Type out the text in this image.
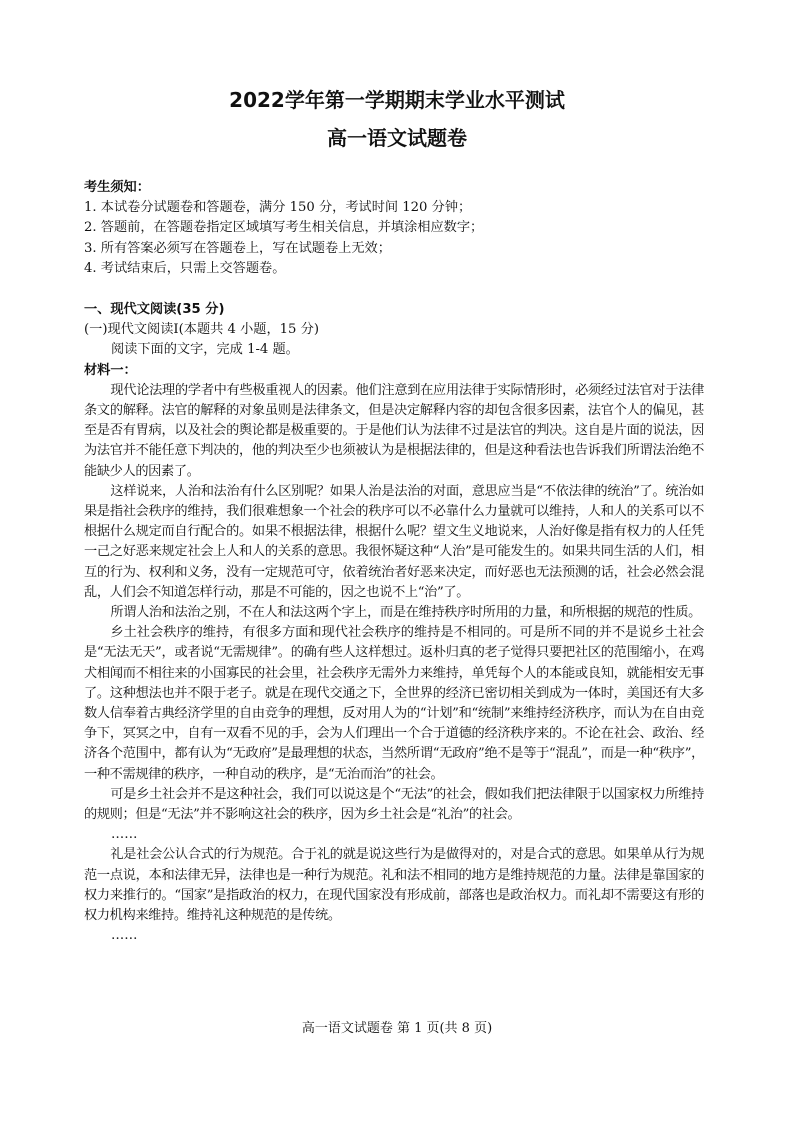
2022学年第一学期期末学业水平测试
高一语文试题卷
考生须知：
1. 本试卷分试题卷和答题卷，满分 150 分，考试时间 120 分钟；
2. 答题前，在答题卷指定区域填写考生相关信息，并填涂相应数字；
3. 所有答案必须写在答题卷上，写在试题卷上无效；
4. 考试结束后，只需上交答题卷。
一、现代文阅读(35 分)
(一)现代文阅读Ⅰ(本题共 4 小题，15 分)
阅读下面的文字，完成 1-4 题。
材料一：

现代论法理的学者中有些极重视人的因素。他们注意到在应用法律于实际情形时，必须经过法官对于法律条文的解释。法官的解释的对象虽则是法律条文，但是决定解释内容的却包含很多因素，法官个人的偏见，甚至是否有胃病，以及社会的舆论都是极重要的。于是他们认为法律不过是法官的判决。这自是片面的说法，因为法官并不能任意下判决的，他的判决至少也须被认为是根据法律的，但是这种看法也告诉我们所谓法治绝不能缺少人的因素了。

这样说来，人治和法治有什么区别呢？如果人治是法治的对面，意思应当是“不依法律的统治”了。统治如果是指社会秩序的维持，我们很难想象一个社会的秩序可以不必靠什么力量就可以维持，人和人的关系可以不根据什么规定而自行配合的。如果不根据法律，根据什么呢？望文生义地说来，人治好像是指有权力的人任凭一己之好恶来规定社会上人和人的关系的意思。我很怀疑这种“人治”是可能发生的。如果共同生活的人们，相互的行为、权利和义务，没有一定规范可守，依着统治者好恶来决定，而好恶也无法预测的话，社会必然会混乱，人们会不知道怎样行动，那是不可能的，因之也说不上“治”了。

所谓人治和法治之别，不在人和法这两个字上，而是在维持秩序时所用的力量，和所根据的规范的性质。

乡土社会秩序的维持，有很多方面和现代社会秩序的维持是不相同的。可是所不同的并不是说乡土社会是“无法无天”，或者说“无需规律”。的确有些人这样想过。返朴归真的老子觉得只要把社区的范围缩小，在鸡犬相闻而不相往来的小国寡民的社会里，社会秩序无需外力来维持，单凭每个人的本能或良知，就能相安无事了。这种想法也并不限于老子。就是在现代交通之下，全世界的经济已密切相关到成为一体时，美国还有大多数人信奉着古典经济学里的自由竞争的理想，反对用人为的“计划”和“统制”来维持经济秩序，而认为在自由竞争下，冥冥之中，自有一双看不见的手，会为人们理出一个合于道德的经济秩序来的。不论在社会、政治、经济各个范围中，都有认为“无政府”是最理想的状态，当然所谓“无政府”绝不是等于“混乱”，而是一种“秩序”，一种不需规律的秩序，一种自动的秩序，是“无治而治”的社会。

可是乡土社会并不是这种社会，我们可以说这是个“无法”的社会，假如我们把法律限于以国家权力所维持的规则；但是“无法”并不影响这社会的秩序，因为乡土社会是“礼治”的社会。

……

礼是社会公认合式的行为规范。合于礼的就是说这些行为是做得对的，对是合式的意思。如果单从行为规范一点说，本和法律无异，法律也是一种行为规范。礼和法不相同的地方是维持规范的力量。法律是靠国家的权力来推行的。“国家”是指政治的权力，在现代国家没有形成前，部落也是政治权力。而礼却不需要这有形的权力机构来维持。维持礼这种规范的是传统。

……
高一语文试题卷 第 1 页(共 8 页)
